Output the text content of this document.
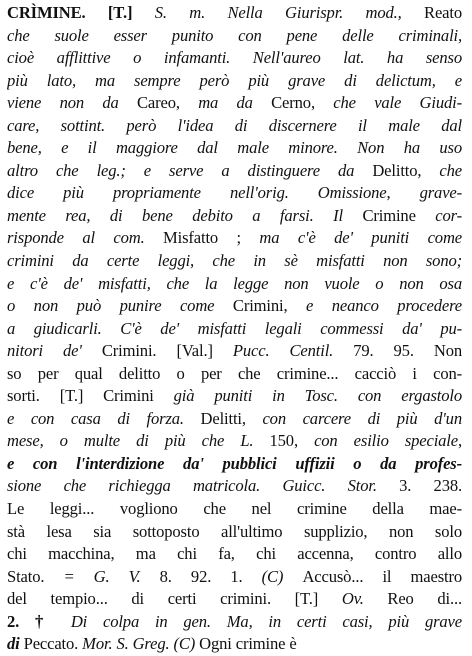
CRÌMINE. [T.] S. m. Nella Giurispr. mod., Reato
che suole esser punito con pene delle criminali,
cioè afflittive o infamanti. Nell'aureo lat. ha senso
più lato, ma sempre però più grave di delictum, e
viene non da Careo, ma da Cerno, che vale Giudi-
care, sottint. però l'idea di discernere il male dal
bene, e il maggiore dal male minore. Non ha uso
altro che leg.; e serve a distinguere da Delitto, che
dice più propriamente nell'orig. Omissione, grave-
mente rea, di bene debito a farsi. Il Crimine cor-
risponde al com. Misfatto ; ma c'è de' puniti come
crimini da certe leggi, che in sè misfatti non sono;
e c'è de' misfatti, che la legge non vuole o non osa
o non può punire come Crimini, e neanco procedere
a giudicarli. C'è de' misfatti legali commessi da' pu-
nitori de' Crimini. [Val.] Pucc. Centil. 79. 95. Non
so per qual delitto o per che crimine... cacciò i con-
sorti. [T.] Crimini già puniti in Tosc. con ergastolo
e con casa di forza. Delitti, con carcere di più d'un
mese, o multe di più che L. 150, con esilio speciale,
e con l'interdizione da' pubblici uffizii o da profes-
sione che richiegga matricola. Guicc. Stor. 3. 238.
Le leggi... vogliono che nel crimine della mae-
stà lesa sia sottoposto all'ultimo supplizio, non solo
chi macchina, ma chi fa, chi accenna, contro allo
Stato. = G. V. 8. 92. 1. (C) Accusò... il maestro
del tempio... di certi crimini. [T.] Ov. Reo di...
2. † Di colpa in gen. Ma, in certi casi, più grave
di Peccato. Mor. S. Greg. (C) Ogni crimine è
